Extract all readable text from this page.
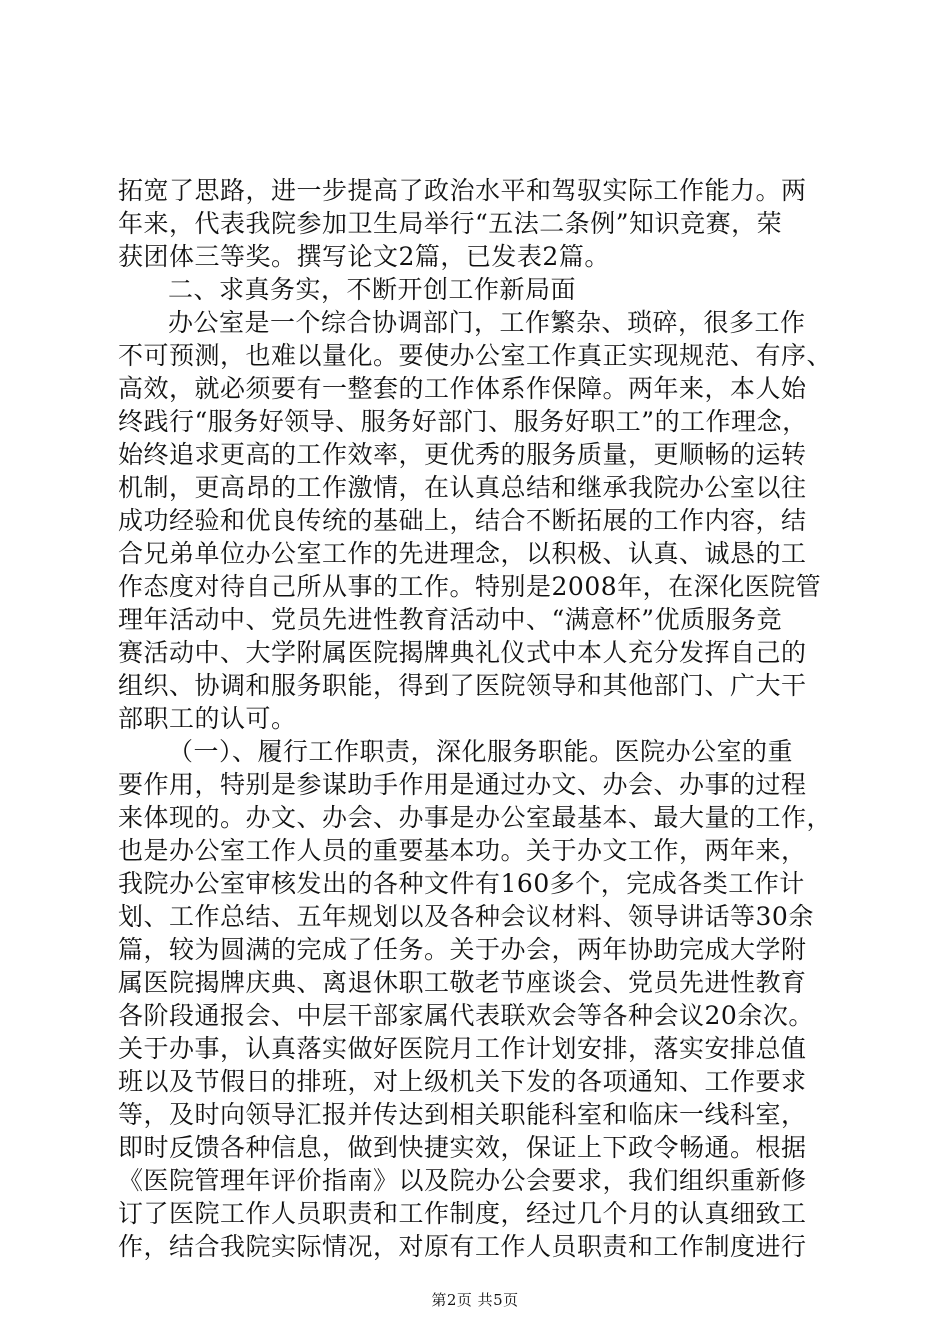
拓宽了思路，进一步提高了政治水平和驾驭实际工作能力。两
年来，代表我院参加卫生局举行“五法二条例”知识竞赛，荣
获团体三等奖。撰写论文2篇，已发表2篇。
二、求真务实，不断开创工作新局面
办公室是一个综合协调部门，工作繁杂、琐碎，很多工作
不可预测，也难以量化。要使办公室工作真正实现规范、有序、
高效，就必须要有一整套的工作体系作保障。两年来，本人始
终践行“服务好领导、服务好部门、服务好职工”的工作理念，
始终追求更高的工作效率，更优秀的服务质量，更顺畅的运转
机制，更高昂的工作激情，在认真总结和继承我院办公室以往
成功经验和优良传统的基础上，结合不断拓展的工作内容，结
合兄弟单位办公室工作的先进理念，以积极、认真、诚恳的工
作态度对待自己所从事的工作。特别是2008年，在深化医院管
理年活动中、党员先进性教育活动中、“满意杯”优质服务竞
赛活动中、大学附属医院揭牌典礼仪式中本人充分发挥自己的
组织、协调和服务职能，得到了医院领导和其他部门、广大干
部职工的认可。
（一）、履行工作职责，深化服务职能。医院办公室的重
要作用，特别是参谋助手作用是通过办文、办会、办事的过程
来体现的。办文、办会、办事是办公室最基本、最大量的工作，
也是办公室工作人员的重要基本功。关于办文工作，两年来，
我院办公室审核发出的各种文件有160多个，完成各类工作计
划、工作总结、五年规划以及各种会议材料、领导讲话等30余
篇，较为圆满的完成了任务。关于办会，两年协助完成大学附
属医院揭牌庆典、离退休职工敬老节座谈会、党员先进性教育
各阶段通报会、中层干部家属代表联欢会等各种会议20余次。
关于办事，认真落实做好医院月工作计划安排，落实安排总值
班以及节假日的排班，对上级机关下发的各项通知、工作要求
等，及时向领导汇报并传达到相关职能科室和临床一线科室，
即时反馈各种信息，做到快捷实效，保证上下政令畅通。根据
《医院管理年评价指南》以及院办公会要求，我们组织重新修
订了医院工作人员职责和工作制度，经过几个月的认真细致工
作，结合我院实际情况，对原有工作人员职责和工作制度进行
第2页 共5页
